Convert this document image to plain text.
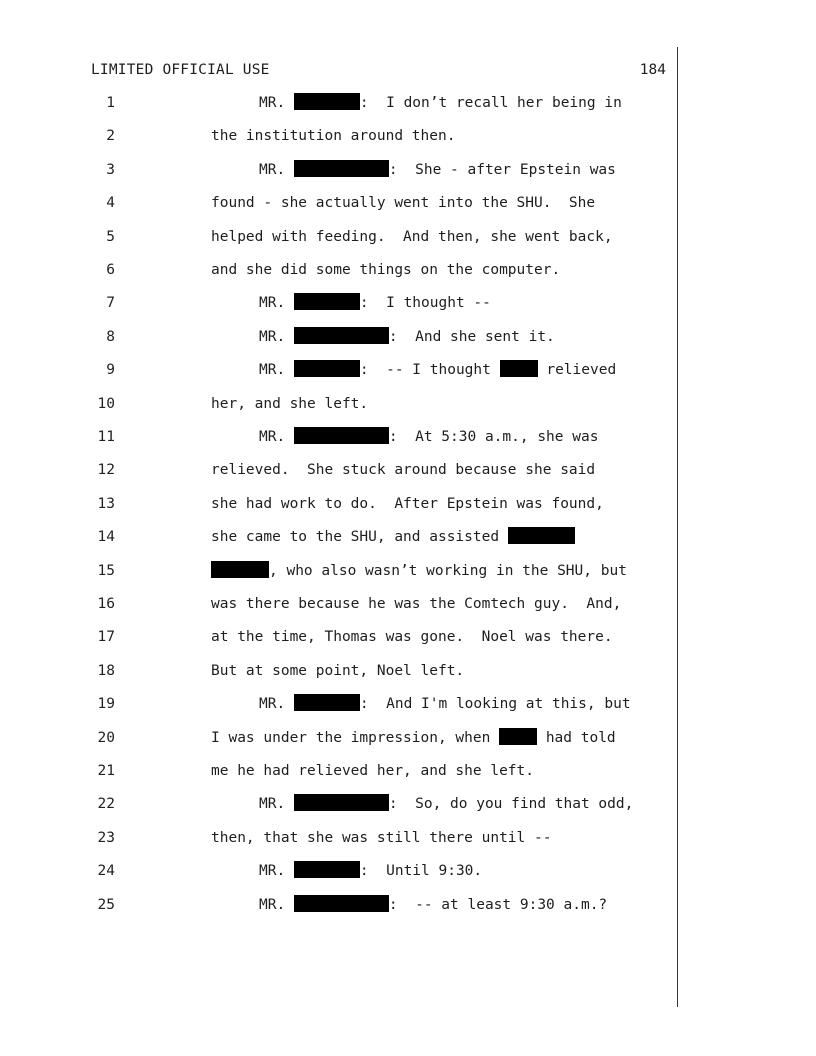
LIMITED OFFICIAL USE	184
1	MR.	:  I don’t recall her being in
2	the institution around then.
3	MR.	:  She - after Epstein was
4	found - she actually went into the SHU.  She
5	helped with feeding.  And then, she went back,
6	and she did some things on the computer.
7	MR.	:  I thought --
8	MR.	:  And she sent it.
9	MR.	:  -- I thought	relieved
10	her, and she left.
11	MR.	:  At 5:30 a.m., she was
12	relieved.  She stuck around because she said
13	she had work to do.  After Epstein was found,
14	she came to the SHU, and assisted
15	, who also wasn’t working in the SHU, but
16	was there because he was the Comtech guy.  And,
17	at the time, Thomas was gone.  Noel was there.
18	But at some point, Noel left.
19	MR.	:  And I'm looking at this, but
20	I was under the impression, when	had told
21	me he had relieved her, and she left.
22	MR.	:  So, do you find that odd,
23	then, that she was still there until --
24	MR.	:  Until 9:30.
25	MR.	:  -- at least 9:30 a.m.?
